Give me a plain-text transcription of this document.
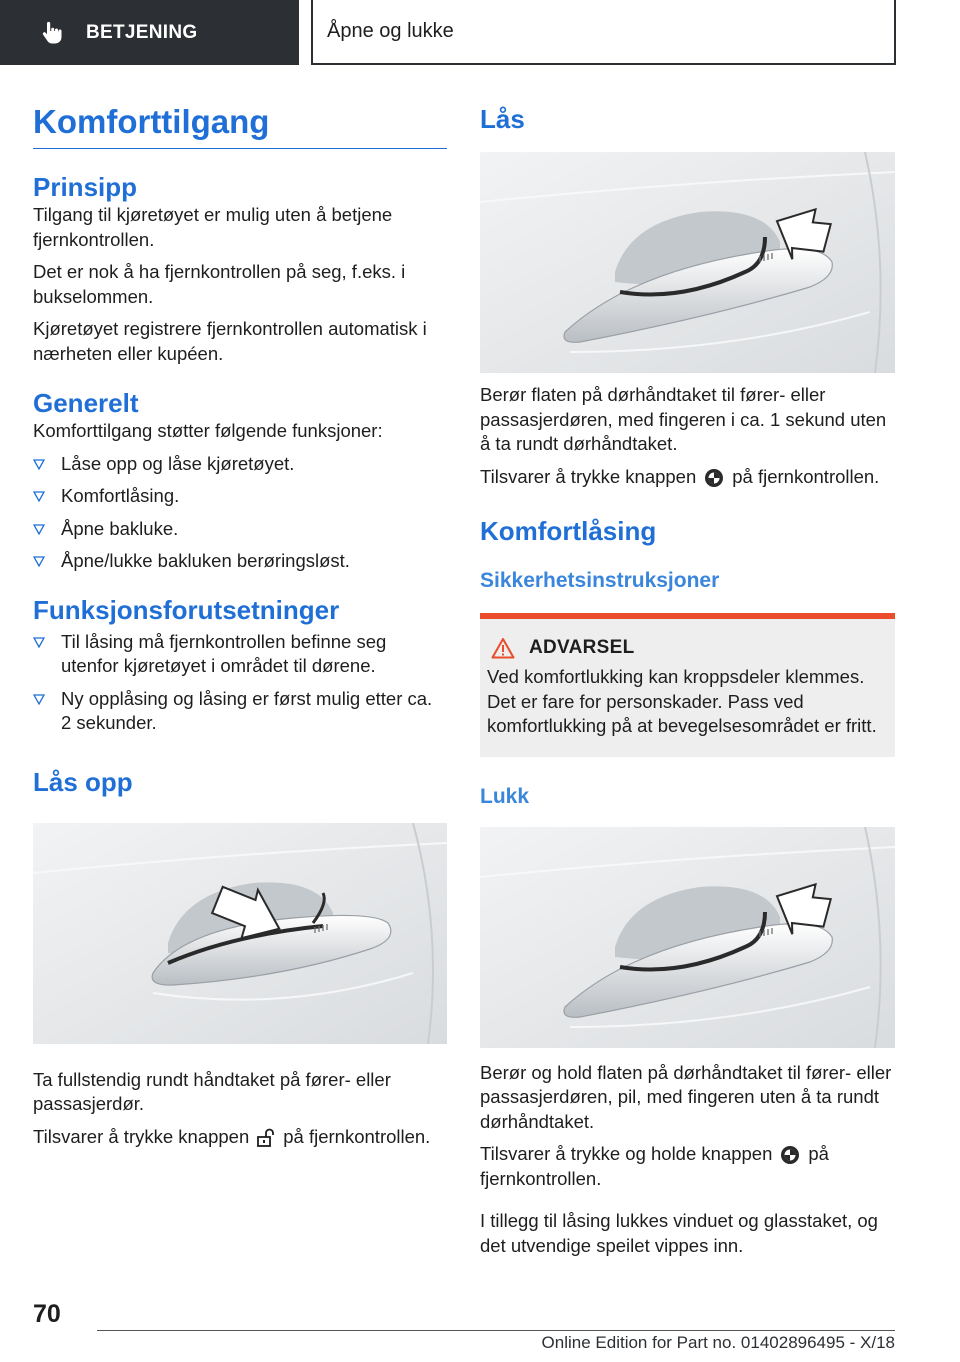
BETJENING	Åpne og lukke
Komforttilgang
Prinsipp

Tilgang til kjøretøyet er mulig uten å betjene fjernkontrollen.

Det er nok å ha fjernkontrollen på seg, f.eks. i bukselommen.

Kjøretøyet registrere fjernkontrollen automatisk i nærheten eller kupéen.

Generelt

Komforttilgang støtter følgende funksjoner:

Låse opp og låse kjøretøyet.
Komfortlåsing.
Åpne bakluke.
Åpne/lukke bakluken berøringsløst.
Funksjonsforutsetninger
Til låsing må fjernkontrollen befinne seg utenfor kjøretøyet i området til dørene.
Ny opplåsing og låsing er først mulig etter ca. 2 sekunder.
Lås opp

Ta fullstendig rundt håndtaket på fører- eller passasjerdør.

Tilsvarer å trykke knappen på fjernkontrollen.

Lås

Berør flaten på dørhåndtaket til fører- eller passasjerdøren, med fingeren i ca. 1 sekund uten å ta rundt dørhåndtaket.

Tilsvarer å trykke knappen på fjernkontrollen.

Komfortlåsing
Sikkerhetsinstruksjoner
ADVARSEL

Ved komfortlukking kan kroppsdeler klemmes. Det er fare for personskader. Pass ved komfortlukking på at bevegelsesområdet er fritt.

Lukk

Berør og hold flaten på dørhåndtaket til fører- eller passasjerdøren, pil, med fingeren uten å ta rundt dørhåndtaket.

Tilsvarer å trykke og holde knappen på fjernkontrollen.

I tillegg til låsing lukkes vinduet og glasstaket, og det utvendige speilet vippes inn.

70
Online Edition for Part no. 01402896495 - X/18
